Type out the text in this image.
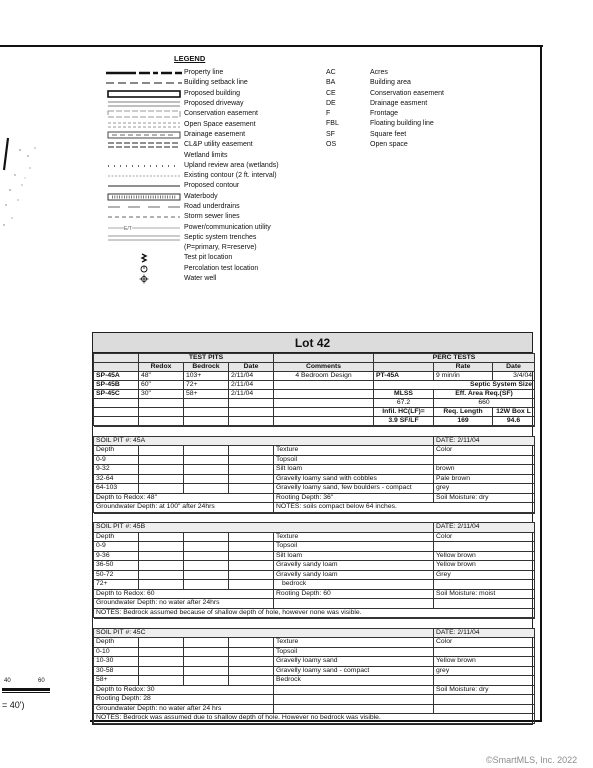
LEGEND
Property line
Building setback line
Proposed building
Proposed driveway
Conservation easement
Open Space easement
Drainage easement
CL&P utility easement
Wetland limits
Upland review area (wetlands)
Existing contour (2 ft. interval)
Proposed contour
Waterbody
Road underdrains
Storm sewer lines
E/T	Power/communication utility
Septic system trenches
(P=primary, R=reserve)
Test pit location
Percolation test location
Water well
AC	Acres
BA	Building area
CE	Conservation easement
DE	Drainage easment
F	Frontage
FBL	Floating building line
SF	Square feet
OS	Open space
Lot 42
	TEST PITS				PERC TESTS		
	Redox	Bedrock	Date	Comments		Rate	Date
SP-45A	48"	103+	2/11/04	4 Bedroom Design	PT-45A	9 min/in	3/4/04
SP-45B	60"	72+	2/11/04		Septic System Size		
SP-45C	30"	58+	2/11/04		MLSS	Eff. Area Req.(SF)	
					67.2	660	
					Infil. HC(LF)=	Req. Length	12W Box L
					3.9 SF/LF	169	94.6

SOIL PIT #: 45A					DATE: 2/11/04
Depth				Texture	Color
0-9				Topsoil	
9-32				Silt loam	brown
32-64				Gravelly loamy sand with cobbles	Pale brown
64-103				Gravelly loamy sand, few boulders - compact	grey
Depth to Redox: 48"				Rooting Depth: 36"	Soil Moisture: dry
Groundwater Depth: at 100" after 24hrs				NOTES: soils compact below 64 inches.	

SOIL PIT #: 45B					DATE: 2/11/04
Depth				Texture	Color
0-9				Topsoil	
9-36				Silt loam	Yellow brown
36-50				Gravelly sandy loam	Yellow brown
50-72				Gravelly sandy loam	Grey
72+				bedrock	
Depth to Redox: 60				Rooting Depth: 60	Soil Moisture: moist
Groundwater Depth: no water after 24hrs					
NOTES: Bedrock assumed because of shallow depth of hole, however none was visible.					

SOIL PIT #: 45C					DATE: 2/11/04
Depth				Texture	Color
0-10				Topsoil	
10-30				Gravelly loamy sand	Yellow brown
30-58				Gravelly loamy sand - compact	grey
58+				Bedrock	
Depth to Redox: 30					Soil Moisture: dry
Rooting Depth: 28					
Groundwater Depth: no water after 24 hrs					
NOTES: Bedrock was assumed due to shallow depth of hole. However no bedrock was visible.					
40	60
= 40')
©SmartMLS, Inc. 2022
